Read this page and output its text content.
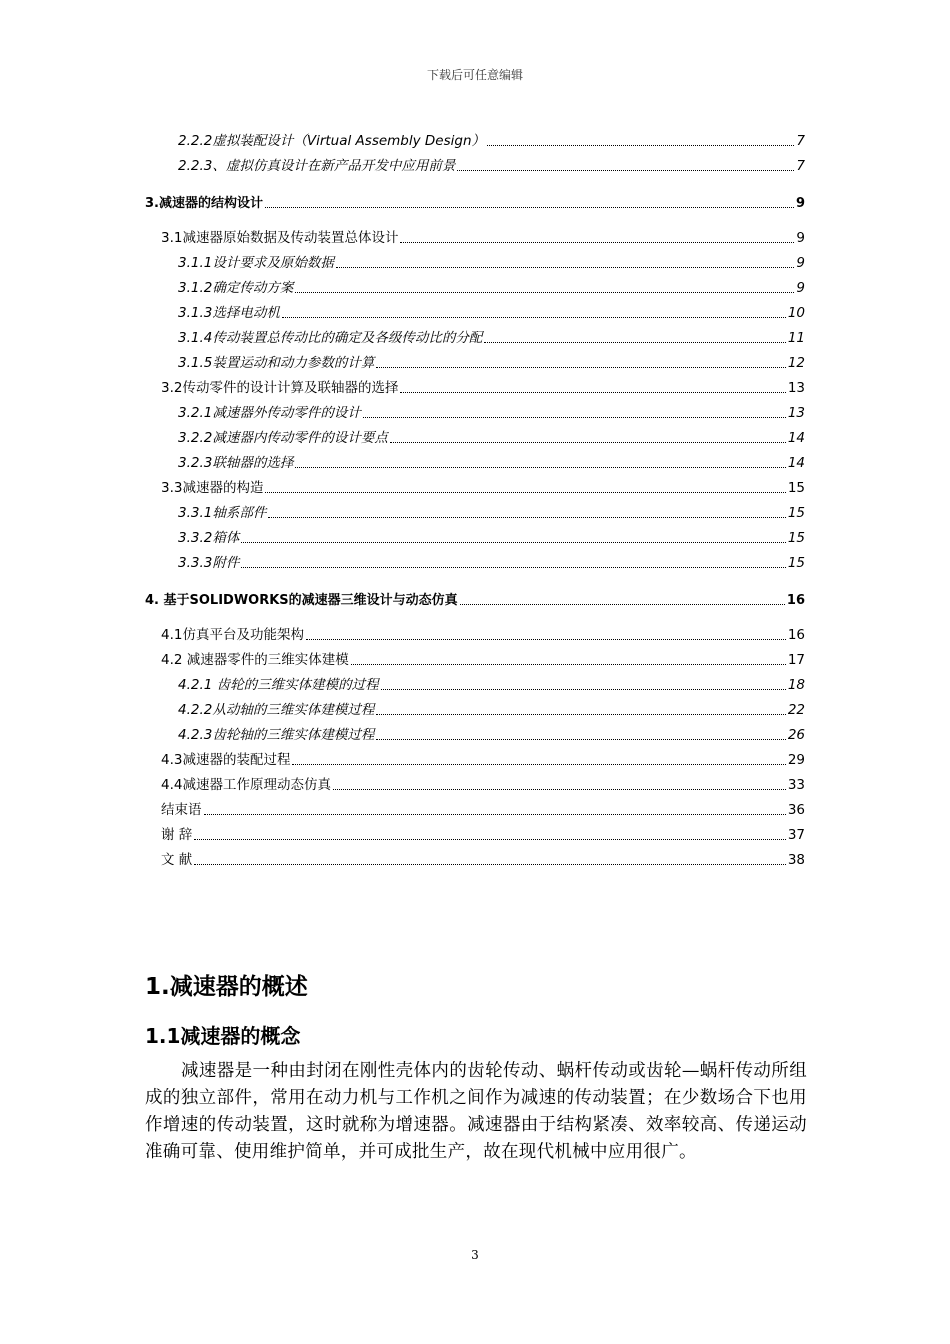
下载后可任意编辑
2.2.2虚拟装配设计（Virtual Assembly Design）	7
2.2.3、虚拟仿真设计在新产品开发中应用前景	7
3.减速器的结构设计	9
3.1减速器原始数据及传动装置总体设计	9
3.1.1设计要求及原始数据	9
3.1.2确定传动方案	9
3.1.3选择电动机	10
3.1.4传动装置总传动比的确定及各级传动比的分配	11
3.1.5装置运动和动力参数的计算	12
3.2传动零件的设计计算及联轴器的选择	13
3.2.1减速器外传动零件的设计	13
3.2.2减速器内传动零件的设计要点	14
3.2.3联轴器的选择	14
3.3减速器的构造	15
3.3.1轴系部件	15
3.3.2箱体	15
3.3.3附件	15
4. 基于SOLIDWORKS的减速器三维设计与动态仿真	16
4.1仿真平台及功能架构	16
4.2 减速器零件的三维实体建模	17
4.2.1 齿轮的三维实体建模的过程	18
4.2.2从动轴的三维实体建模过程	22
4.2.3齿轮轴的三维实体建模过程	26
4.3减速器的装配过程	29
4.4减速器工作原理动态仿真	33
结束语	36
谢 辞	37
文 献	38
1.减速器的概述
1.1减速器的概念
减速器是一种由封闭在刚性壳体内的齿轮传动、蜗杆传动或齿轮—蜗杆传动所组成的独立部件，常用在动力机与工作机之间作为减速的传动装置；在少数场合下也用作增速的传动装置，这时就称为增速器。减速器由于结构紧凑、效率较高、传递运动准确可靠、使用维护简单，并可成批生产，故在现代机械中应用很广。
3
